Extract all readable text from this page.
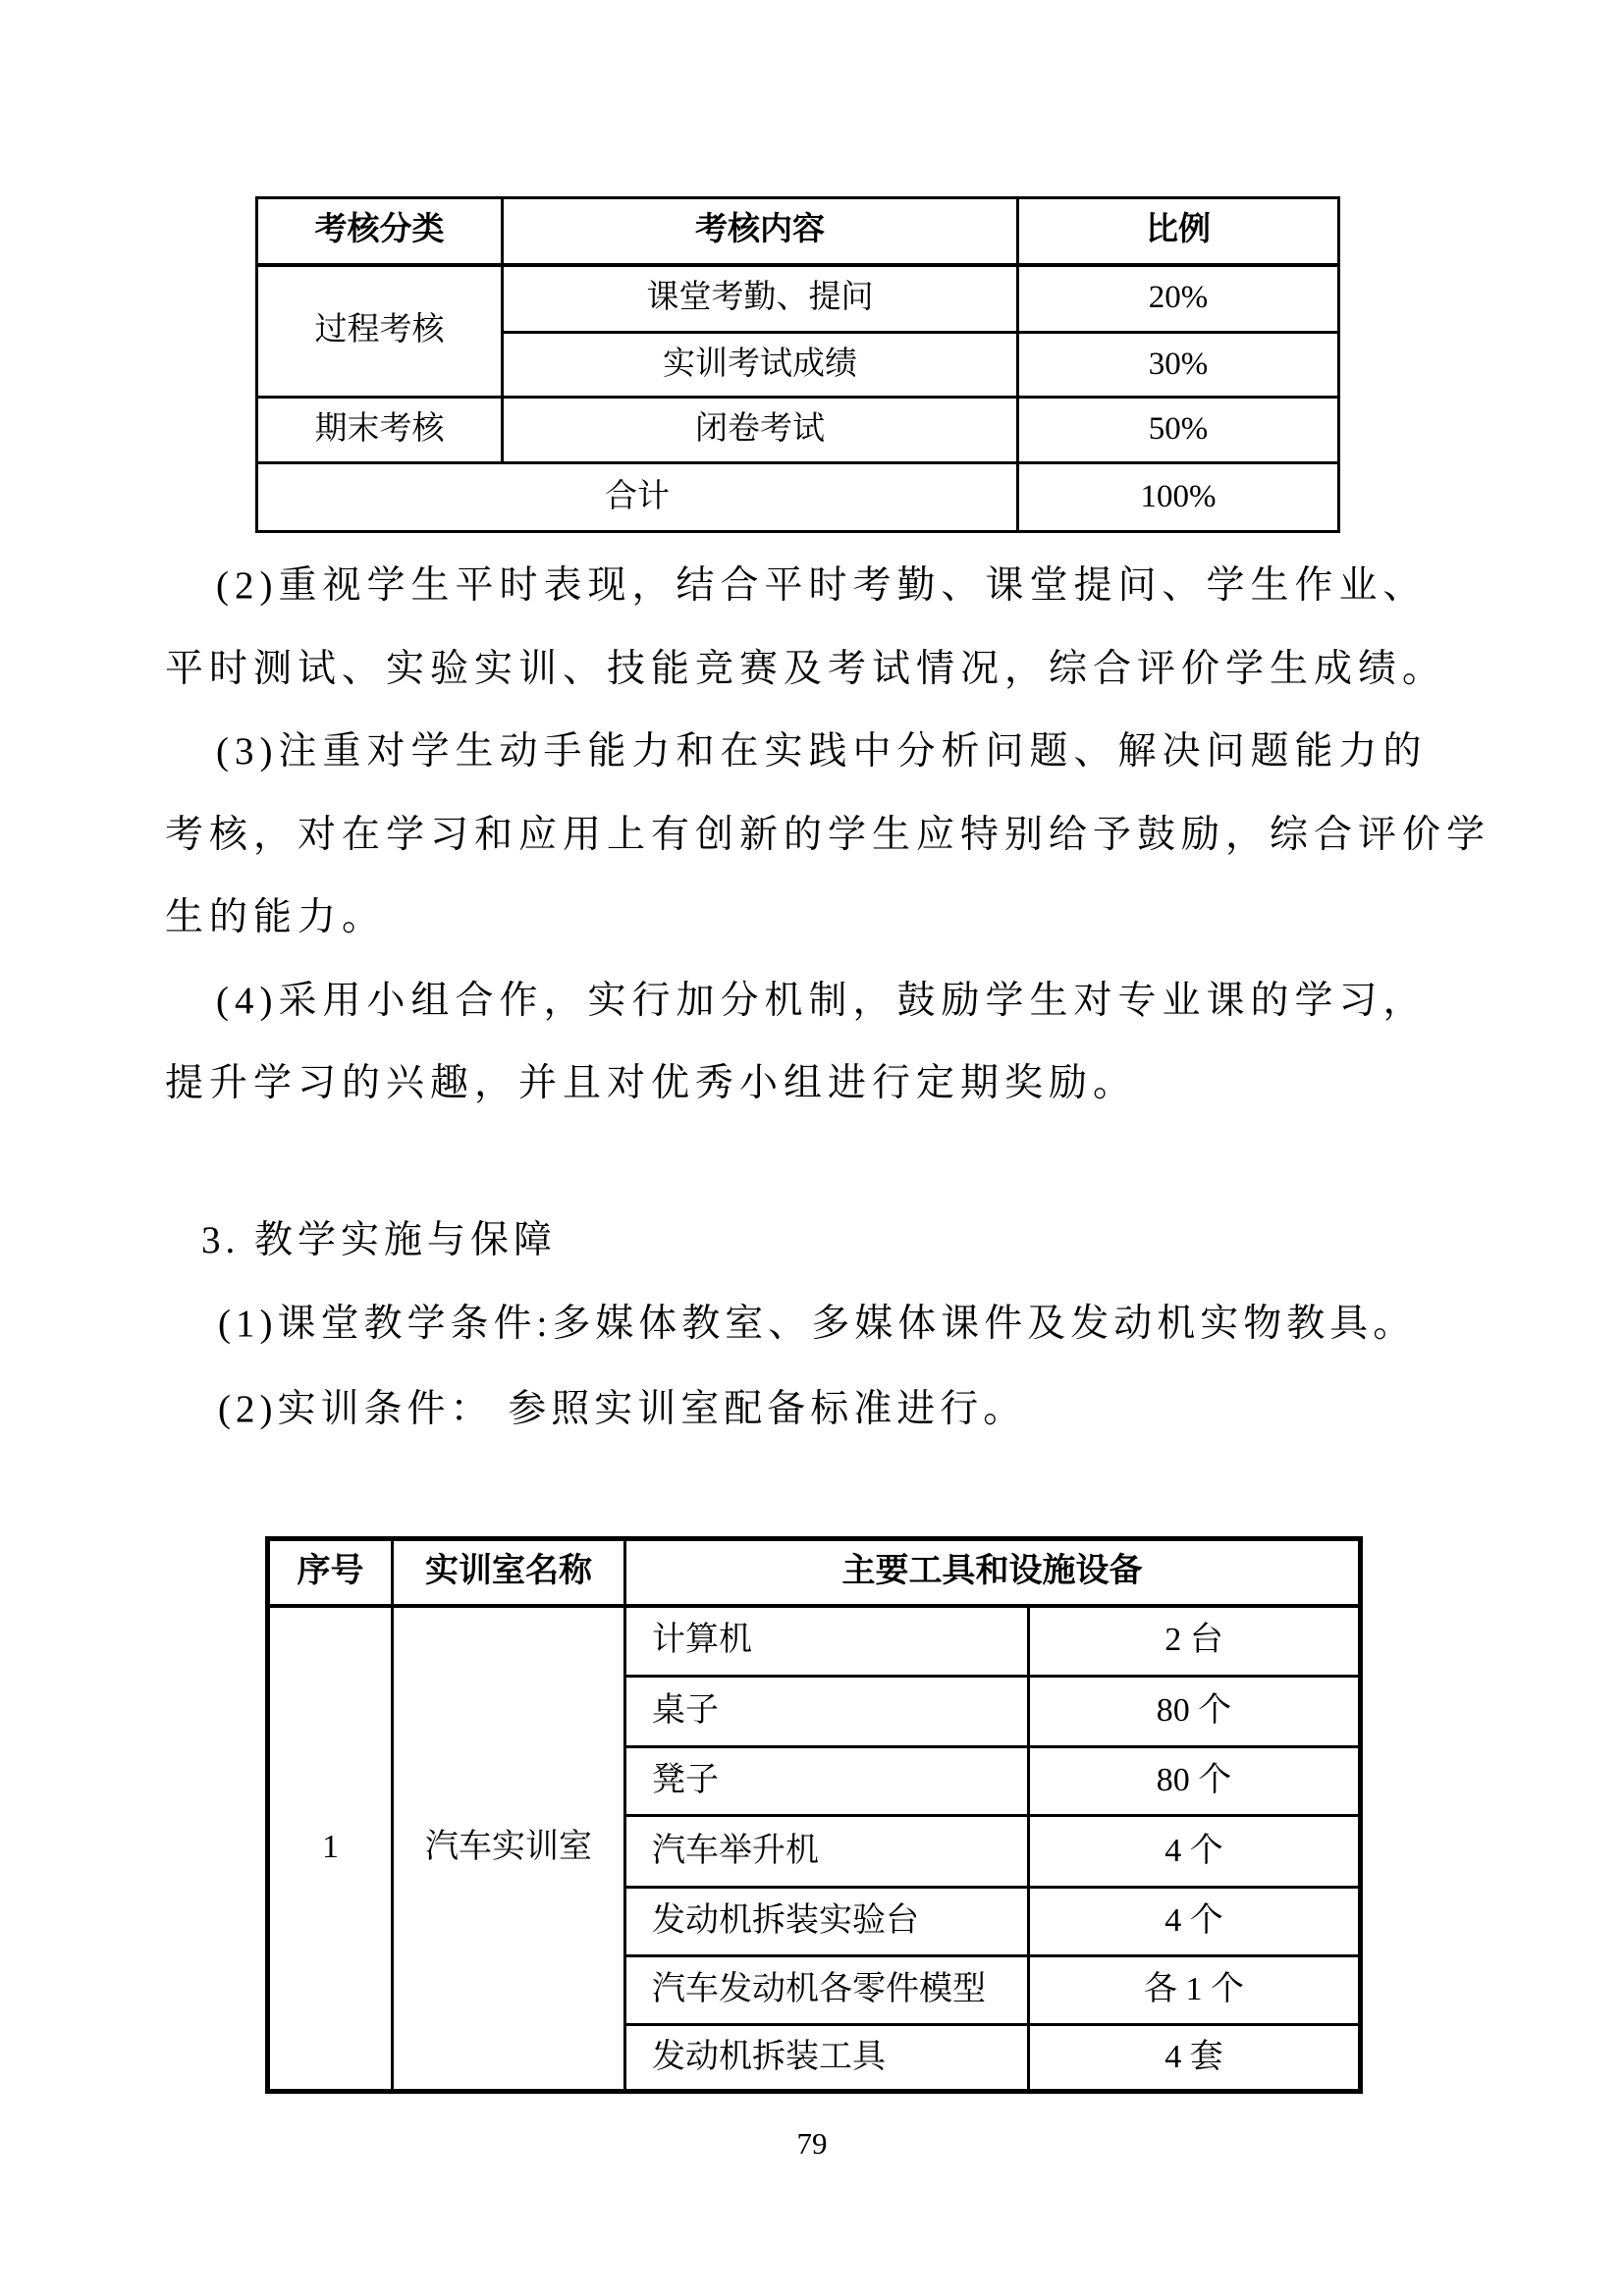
考核分类	考核内容	比例
过程考核	课堂考勤、提问	20%
	实训考试成绩	30%
期末考核	闭卷考试	50%
合计		100%
(2)重视学生平时表现，结合平时考勤、课堂提问、学生作业、
平时测试、实验实训、技能竞赛及考试情况，综合评价学生成绩。
(3)注重对学生动手能力和在实践中分析问题、解决问题能力的
考核，对在学习和应用上有创新的学生应特别给予鼓励，综合评价学
生的能力。
(4)采用小组合作，实行加分机制，鼓励学生对专业课的学习，
提升学习的兴趣，并且对优秀小组进行定期奖励。
3. 教学实施与保障
(1)课堂教学条件:多媒体教室、多媒体课件及发动机实物教具。
(2)实训条件： 参照实训室配备标准进行。
序号	实训室名称	主要工具和设施设备	
1	汽车实训室	计算机	2 台
		桌子	80 个
		凳子	80 个
		汽车举升机	4 个
		发动机拆装实验台	4 个
		汽车发动机各零件模型	各 1 个
		发动机拆装工具	4 套
79
